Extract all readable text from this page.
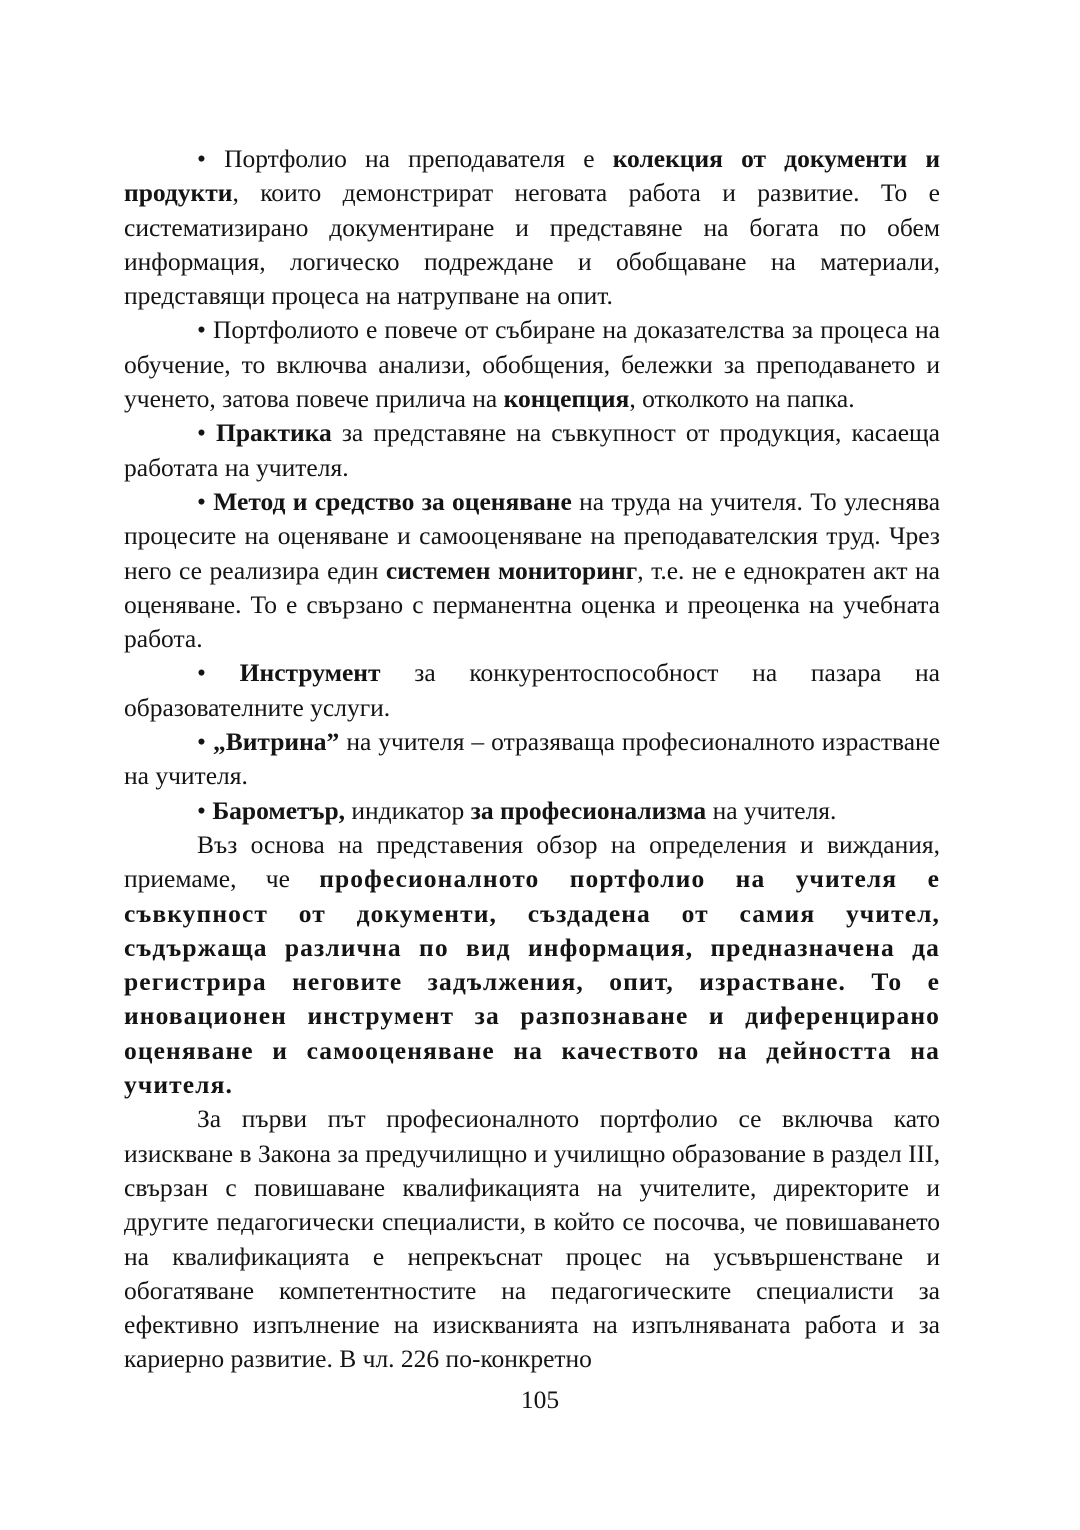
• Портфолио на преподавателя е колекция от документи и продукти, които демонстрират неговата работа и развитие. То е систематизирано документиране и представяне на богата по обем информация, логическо подреждане и обобщаване на материали, представящи процеса на натрупване на опит.

• Портфолиото е повече от събиране на доказателства за процеса на обучение, то включва анализи, обобщения, бележки за преподаването и ученето, затова повече прилича на концепция, отколкото на папка.

• Практика за представяне на съвкупност от продукция, касаеща работата на учителя.

• Метод и средство за оценяване на труда на учителя. То улеснява процесите на оценяване и самооценяване на преподавателския труд. Чрез него се реализира един системен мониторинг, т.е. не е еднократен акт на оценяване. То е свързано с перманентна оценка и преоценка на учебната работа.

• Инструмент за конкурентоспособност на пазара на образователните услуги.

• „Витрина” на учителя – отразяваща професионалното израстване на учителя.

• Барометър, индикатор за професионализма на учителя.

Въз основа на представения обзор на определения и виждания, приемаме, че професионалното портфолио на учителя е съвкупност от документи, създадена от самия учител, съдържаща различна по вид информация, предназначена да регистрира неговите задължения, опит, израстване. То е иновационен инструмент за разпознаване и диференцирано оценяване и самооценяване на качеството на дейността на учителя.

За първи път професионалното портфолио се включва като изискване в Закона за предучилищно и училищно образование в раздел III, свързан с повишаване квалификацията на учителите, директорите и другите педагогически специалисти, в който се посочва, че повишаването на квалификацията е непрекъснат процес на усъвършенстване и обогатяване компетентностите на педагогическите специалисти за ефективно изпълнение на изискванията на изпълняваната работа и за кариерно развитие. В чл. 226 по-конкретно

105
